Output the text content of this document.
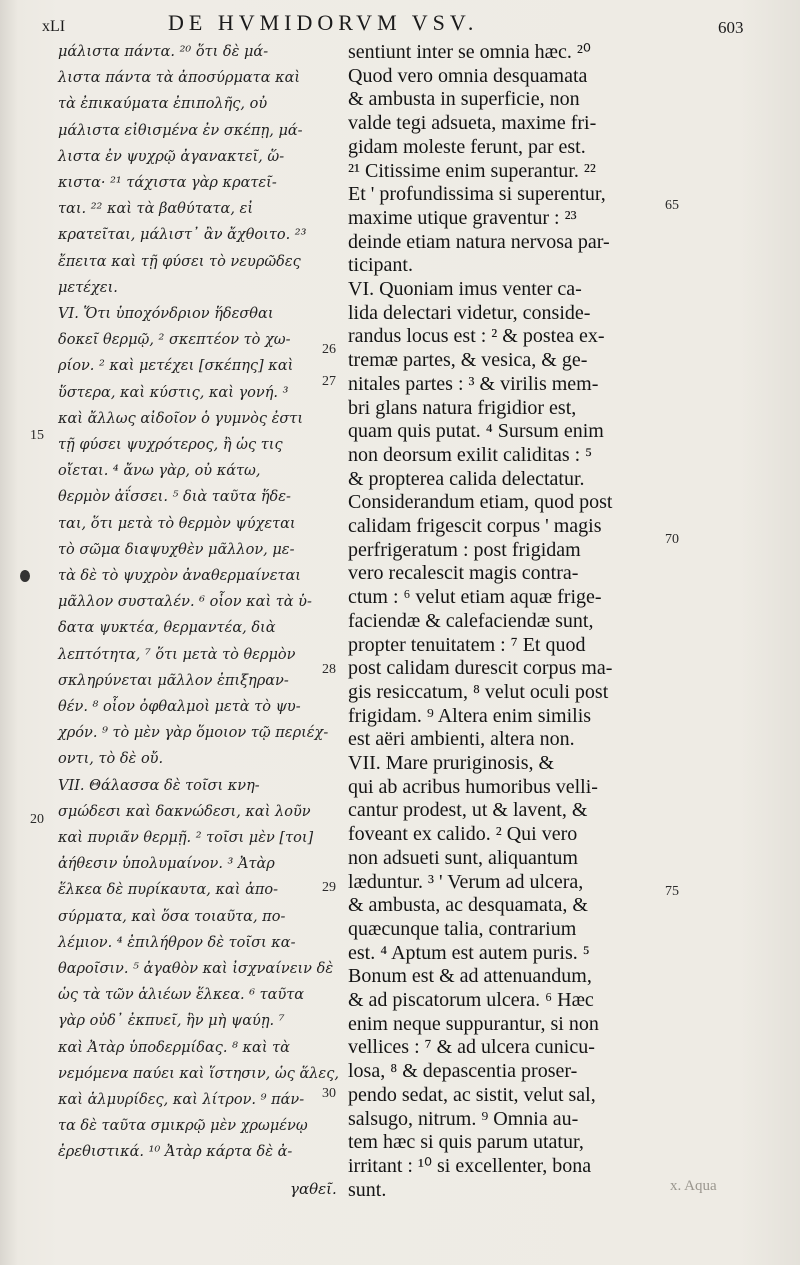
xLI	DE HVMIDORVM VSV.	603
μάλιστα πάντα. ²⁰ ὅτι δὲ μά-
λιστα πάντα τὰ ἀποσύρματα καὶ
τὰ ἐπικαύματα ἐπιπολῆς, οὐ
μάλιστα εἰθισμένα ἐν σκέπῃ, μά-
λιστα ἐν ψυχρῷ ἀγανακτεῖ, ὥ-
κιστα· ²¹ τάχιστα γὰρ κρατεῖ-
ται. ²² καὶ τὰ βαθύτατα, εἰ
κρατεῖται, μάλιστ᾽ ἂν ἄχθοιτο. ²³
ἔπειτα καὶ τῇ φύσει τὸ νευρῶδες
μετέχει.
VI. Ὅτι ὑποχόνδριον ἥδεσθαι
δοκεῖ θερμῷ, ² σκεπτέον τὸ χω-
ρίον. ² καὶ μετέχει [σκέπης] καὶ
ὕστερα, καὶ κύστις, καὶ γονή. ³
καὶ ἄλλως αἰδοῖον ὁ γυμνὸς ἐστι
τῇ φύσει ψυχρότερος, ἢ ὡς τις
οἴεται. ⁴ ἄνω γὰρ, οὐ κάτω,
θερμὸν ἀΐσσει. ⁵ διὰ ταῦτα ἥδε-
ται, ὅτι μετὰ τὸ θερμὸν ψύχεται
τὸ σῶμα διαψυχθὲν μᾶλλον, με-
τὰ δὲ τὸ ψυχρὸν ἀναθερμαίνεται
μᾶλλον συσταλέν. ⁶ οἷον καὶ τὰ ὑ-
δατα ψυκτέα, θερμαντέα, διὰ
λεπτότητα, ⁷ ὅτι μετὰ τὸ θερμὸν
σκληρύνεται μᾶλλον ἐπιξηραν-
θέν. ⁸ οἷον ὀφθαλμοὶ μετὰ τὸ ψυ-
χρόν. ⁹ τὸ μὲν γὰρ ὅμοιον τῷ περιέχ-
οντι, τὸ δὲ οὔ.
VII. Θάλασσα δὲ τοῖσι κνη-
σμώδεσι καὶ δακνώδεσι, καὶ λοῦν
καὶ πυριᾶν θερμῇ. ² τοῖσι μὲν [τοι]
ἀήθεσιν ὑπολυμαίνον. ³ Ἀτὰρ
ἕλκεα δὲ πυρίκαυτα, καὶ ἀπο-
σύρματα, καὶ ὅσα τοιαῦτα, πο-
λέμιον. ⁴ ἐπιλήθρον δὲ τοῖσι κα-
θαροῖσιν. ⁵ ἀγαθὸν καὶ ἰσχναίνειν δὲ
ὡς τὰ τῶν ἁλιέων ἕλκεα. ⁶ ταῦτα
γὰρ οὐδ᾽ ἐκπυεῖ, ἣν μὴ ψαύῃ. ⁷
καὶ Ἀτὰρ ὑποδερμίδας. ⁸ καὶ τὰ
νεμόμενα παύει καὶ ἵστησιν, ὡς ἅλες,
καὶ ἁλμυρίδες, καὶ λίτρον. ⁹ πάν-
τα δὲ ταῦτα σμικρῷ μὲν χρωμένῳ
ἐρεθιστικά. ¹⁰ Ἀτὰρ κάρτα δὲ ἀ-
sentiunt inter se omnia hæc. ²⁰
Quod vero omnia desquamata
& ambusta in superficie, non
valde tegi adsueta, maxime fri-
gidam moleste ferunt, par est.
²¹ Citissime enim superantur. ²²
Et ' profundissima si superentur,
maxime utique graventur : ²³
deinde etiam natura nervosa par-
ticipant.
VI. Quoniam imus venter ca-
lida delectari videtur, conside-
randus locus est : ² & postea ex-
tremæ partes, & vesica, & ge-
nitales partes : ³ & virilis mem-
bri glans natura frigidior est,
quam quis putat. ⁴ Sursum enim
non deorsum exilit caliditas : ⁵
& propterea calida delectatur.
Considerandum etiam, quod post
calidam frigescit corpus ' magis
perfrigeratum : post frigidam
vero recalescit magis contra-
ctum : ⁶ velut etiam aquæ frige-
faciendæ & calefaciendæ sunt,
propter tenuitatem : ⁷ Et quod
post calidam durescit corpus ma-
gis resiccatum, ⁸ velut oculi post
frigidam. ⁹ Altera enim similis
est aëri ambienti, altera non.
VII. Mare pruriginosis, &
qui ab acribus humoribus velli-
cantur prodest, ut & lavent, &
foveant ex calido. ² Qui vero
non adsueti sunt, aliquantum
læduntur. ³ ' Verum ad ulcera,
& ambusta, ac desquamata, &
quæcunque talia, contrarium
est. ⁴ Aptum est autem puris. ⁵
Bonum est & ad attenuandum,
& ad piscatorum ulcera. ⁶ Hæc
enim neque suppurantur, si non
vellices : ⁷ & ad ulcera cunicu-
losa, ⁸ & depascentia proser-
pendo sedat, ac sistit, velut sal,
salsugo, nitrum. ⁹ Omnia au-
tem hæc si quis parum utatur,
irritant : ¹⁰ si excellenter, bona
sunt.
15
20
26
27
28
29
30
65
70
75
γαθεῖ.	x. Aqua
